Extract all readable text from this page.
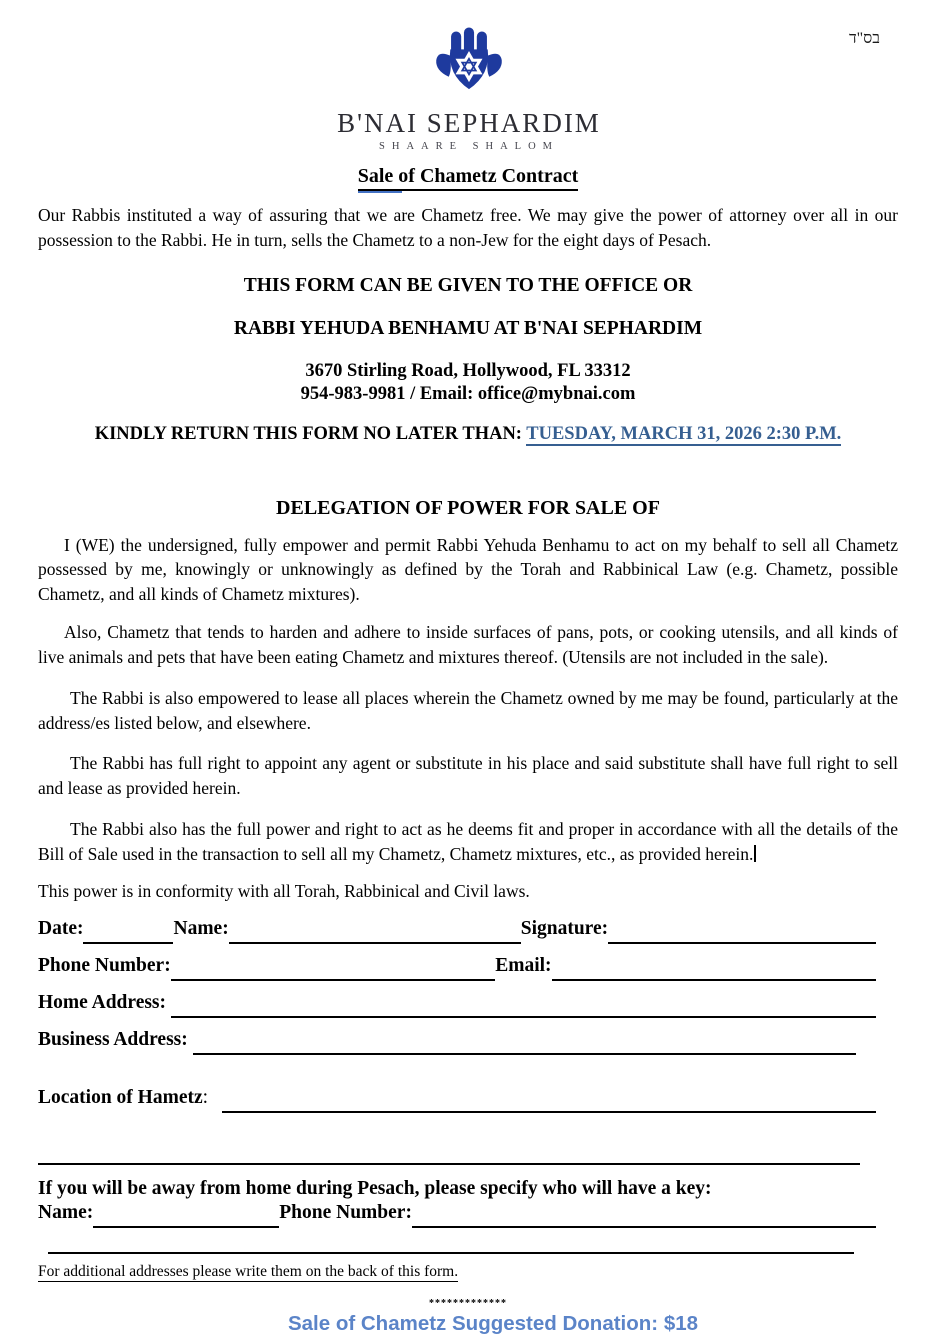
בס"ד
B'NAI SEPHARDIM
SHAARE SHALOM
Sale of Chametz Contract

Our Rabbis instituted a way of assuring that we are Chametz free. We may give the power of attorney over all in our possession to the Rabbi. He in turn, sells the Chametz to a non-Jew for the eight days of Pesach.

THIS FORM CAN BE GIVEN TO THE OFFICE OR
RABBI YEHUDA BENHAMU AT B'NAI SEPHARDIM
3670 Stirling Road, Hollywood, FL 33312
954-983-9981 / Email: office@mybnai.com
KINDLY RETURN THIS FORM NO LATER THAN: TUESDAY, MARCH 31, 2026 2:30 P.M.
DELEGATION OF POWER FOR SALE OF

I (WE) the undersigned, fully empower and permit Rabbi Yehuda Benhamu to act on my behalf to sell all Chametz possessed by me, knowingly or unknowingly as defined by the Torah and Rabbinical Law (e.g. Chametz, possible Chametz, and all kinds of Chametz mixtures).

Also, Chametz that tends to harden and adhere to inside surfaces of pans, pots, or cooking utensils, and all kinds of live animals and pets that have been eating Chametz and mixtures thereof. (Utensils are not included in the sale).

The Rabbi is also empowered to lease all places wherein the Chametz owned by me may be found, particularly at the address/es listed below, and elsewhere.

The Rabbi has full right to appoint any agent or substitute in his place and said substitute shall have full right to sell and lease as provided herein.

The Rabbi also has the full power and right to act as he deems fit and proper in accordance with all the details of the Bill of Sale used in the transaction to sell all my Chametz, Chametz mixtures, etc., as provided herein.

This power is in conformity with all Torah, Rabbinical and Civil laws.

Date:	Name:	Signature:
Phone Number:	Email:
Home Address:
Business Address:
Location of Hametz :
If you will be away from home during Pesach, please specify who will have a key:
Name:	Phone Number:
For additional addresses please write them on the back of this form.
*************
Sale of Chametz Suggested Donation: $18
